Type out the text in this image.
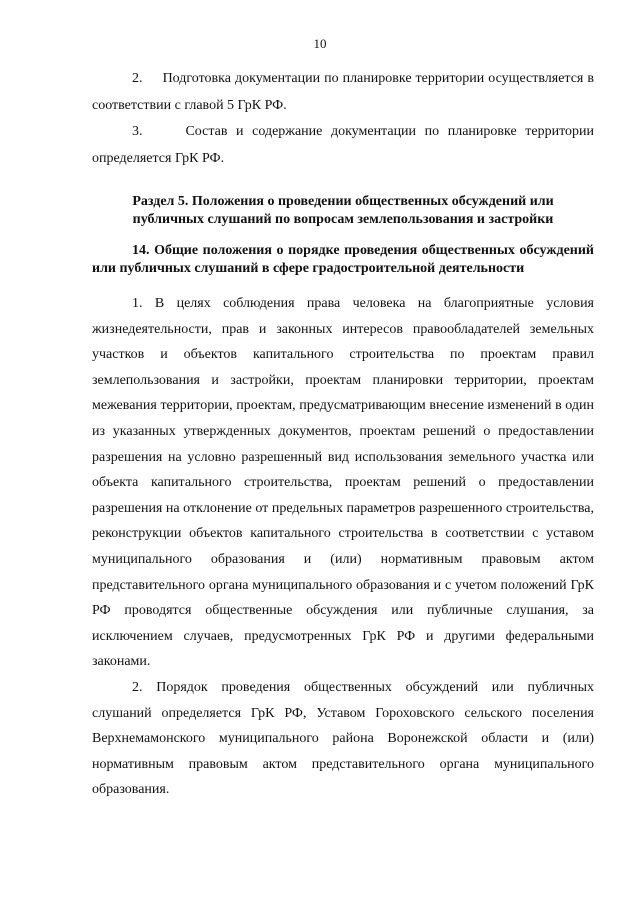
10

2.     Подготовка документации по планировке территории осуществляется в соответствии с главой 5 ГрК РФ.

3.     Состав и содержание документации по планировке территории определяется ГрК РФ.

Раздел 5. Положения о проведении общественных обсуждений или публичных слушаний по вопросам землепользования и застройки

14. Общие положения о порядке проведения общественных обсуждений или публичных слушаний в сфере градостроительной деятельности

1. В целях соблюдения права человека на благоприятные условия жизнедеятельности, прав и законных интересов правообладателей земельных участков и объектов капитального строительства по проектам правил землепользования и застройки, проектам планировки территории, проектам межевания территории, проектам, предусматривающим внесение изменений в один из указанных утвержденных документов, проектам решений о предоставлении разрешения на условно разрешенный вид использования земельного участка или объекта капитального строительства, проектам решений о предоставлении разрешения на отклонение от предельных параметров разрешенного строительства, реконструкции объектов капитального строительства в соответствии с уставом муниципального образования и (или) нормативным правовым актом представительного органа муниципального образования и с учетом положений ГрК РФ проводятся общественные обсуждения или публичные слушания, за исключением случаев, предусмотренных ГрК РФ и другими федеральными законами.

2. Порядок проведения общественных обсуждений или публичных слушаний определяется ГрК РФ, Уставом Гороховского сельского поселения Верхнемамонского муниципального района Воронежской области и (или) нормативным правовым актом представительного органа муниципального образования.
